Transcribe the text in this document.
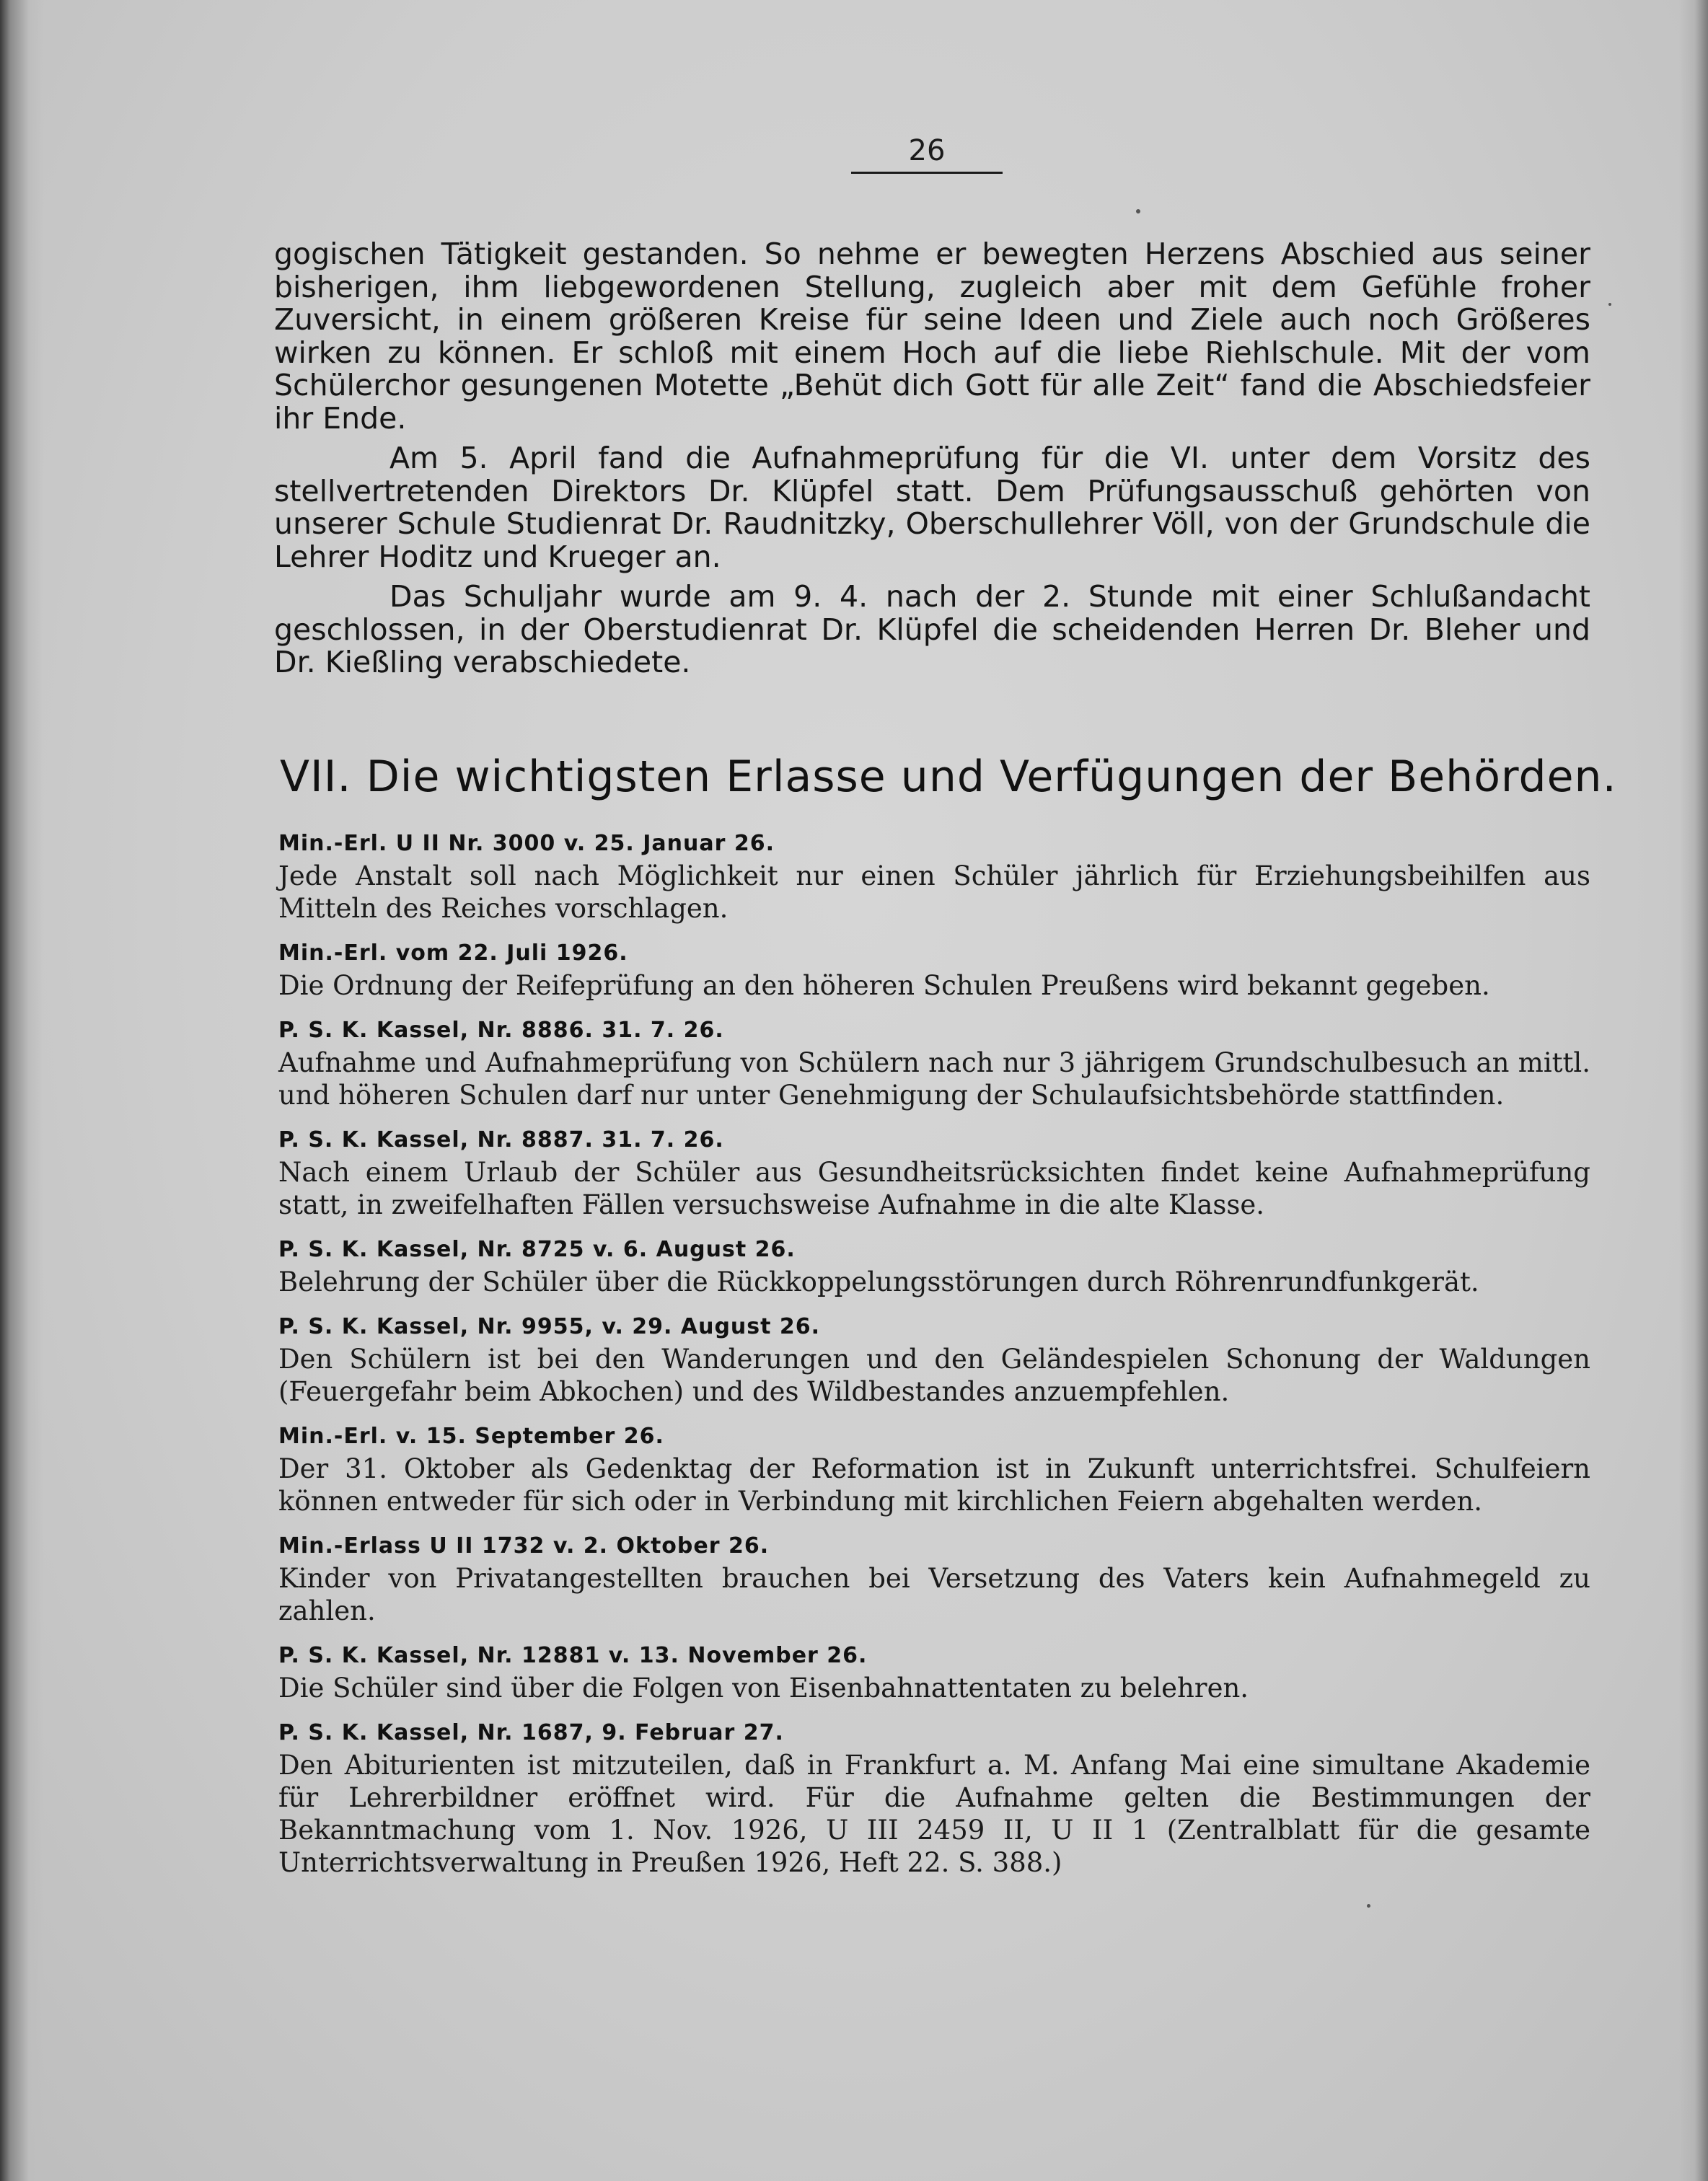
26

gogischen Tätigkeit gestanden. So nehme er bewegten Herzens Abschied aus seiner bisherigen, ihm liebgewordenen Stellung, zugleich aber mit dem Gefühle froher Zuversicht, in einem größeren Kreise für seine Ideen und Ziele auch noch Größeres wirken zu können. Er schloß mit einem Hoch auf die liebe Riehlschule. Mit der vom Schülerchor gesungenen Motette „Behüt dich Gott für alle Zeit“ fand die Abschiedsfeier ihr Ende.

Am 5. April fand die Aufnahmeprüfung für die VI. unter dem Vorsitz des stellvertretenden Direktors Dr. Klüpfel statt. Dem Prüfungsausschuß gehörten von unserer Schule Studienrat Dr. Raudnitzky, Oberschullehrer Völl, von der Grundschule die Lehrer Hoditz und Krueger an.

Das Schuljahr wurde am 9. 4. nach der 2. Stunde mit einer Schlußandacht geschlossen, in der Oberstudienrat Dr. Klüpfel die scheidenden Herren Dr. Bleher und Dr. Kießling verabschiedete.

VII. Die wichtigsten Erlasse und Verfügungen der Behörden.
Min.-Erl. U II Nr. 3000 v. 25. Januar 26.
Jede Anstalt soll nach Möglichkeit nur einen Schüler jährlich für Erziehungsbeihilfen aus Mitteln des Reiches vorschlagen.
Min.-Erl. vom 22. Juli 1926.
Die Ordnung der Reifeprüfung an den höheren Schulen Preußens wird bekannt gegeben.
P. S. K. Kassel, Nr. 8886. 31. 7. 26.
Aufnahme und Aufnahmeprüfung von Schülern nach nur 3 jährigem Grundschulbesuch an mittl. und höheren Schulen darf nur unter Genehmigung der Schulaufsichtsbehörde stattfinden.
P. S. K. Kassel, Nr. 8887. 31. 7. 26.
Nach einem Urlaub der Schüler aus Gesundheitsrücksichten findet keine Aufnahmeprüfung statt, in zweifelhaften Fällen versuchsweise Aufnahme in die alte Klasse.
P. S. K. Kassel, Nr. 8725 v. 6. August 26.
Belehrung der Schüler über die Rückkoppelungsstörungen durch Röhrenrundfunkgerät.
P. S. K. Kassel, Nr. 9955, v. 29. August 26.
Den Schülern ist bei den Wanderungen und den Geländespielen Schonung der Waldungen (Feuergefahr beim Abkochen) und des Wildbestandes anzuempfehlen.
Min.-Erl. v. 15. September 26.
Der 31. Oktober als Gedenktag der Reformation ist in Zukunft unterrichtsfrei. Schulfeiern können entweder für sich oder in Verbindung mit kirchlichen Feiern abgehalten werden.
Min.-Erlass U II 1732 v. 2. Oktober 26.
Kinder von Privatangestellten brauchen bei Versetzung des Vaters kein Aufnahmegeld zu zahlen.
P. S. K. Kassel, Nr. 12881 v. 13. November 26.
Die Schüler sind über die Folgen von Eisenbahnattentaten zu belehren.
P. S. K. Kassel, Nr. 1687, 9. Februar 27.
Den Abiturienten ist mitzuteilen, daß in Frankfurt a. M. Anfang Mai eine simultane Akademie für Lehrerbildner eröffnet wird. Für die Aufnahme gelten die Bestimmungen der Bekanntmachung vom 1. Nov. 1926, U III 2459 II, U II 1 (Zentralblatt für die gesamte Unterrichtsverwaltung in Preußen 1926, Heft 22. S. 388.)
